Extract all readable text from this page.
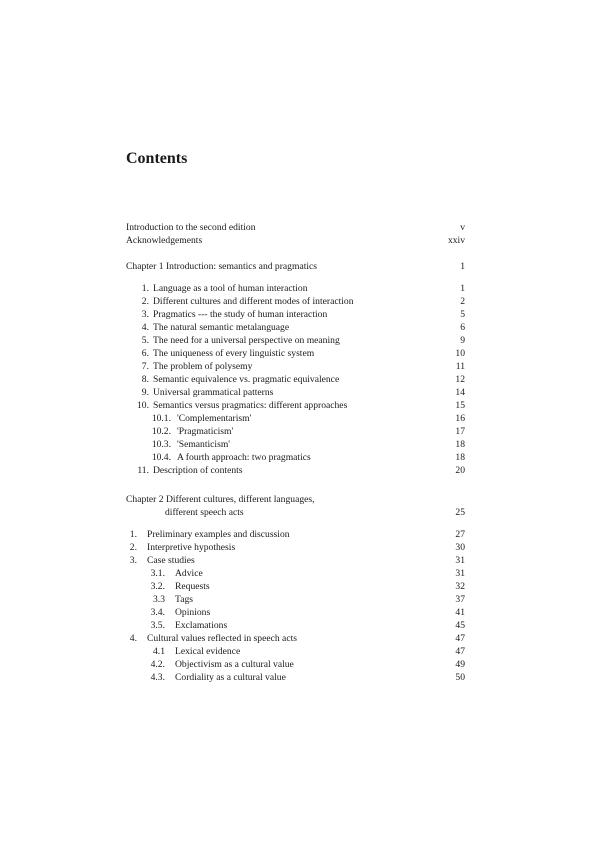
Contents
Introduction to the second edition	v
Acknowledgements	xxiv
Chapter 1 Introduction: semantics and pragmatics	1
1. Language as a tool of human interaction	1
2. Different cultures and different modes of interaction	2
3. Pragmatics --- the study of human interaction	5
4. The natural semantic metalanguage	6
5. The need for a universal perspective on meaning	9
6. The uniqueness of every linguistic system	10
7. The problem of polysemy	11
8. Semantic equivalence vs. pragmatic equivalence	12
9. Universal grammatical patterns	14
10. Semantics versus pragmatics: different approaches	15
10.1. 'Complementarism'	16
10.2. 'Pragmaticism'	17
10.3. 'Semanticism'	18
10.4. A fourth approach: two pragmatics	18
11. Description of contents	20
Chapter 2 Different cultures, different languages,
different speech acts	25
1.	Preliminary examples and discussion	27
2.	Interpretive hypothesis	30
3.	Case studies	31
3.1.	Advice	31
3.2.	Requests	32
3.3	Tags	37
3.4.	Opinions	41
3.5.	Exclamations	45
4.	Cultural values reflected in speech acts	47
4.1	Lexical evidence	47
4.2.	Objectivism as a cultural value	49
4.3.	Cordiality as a cultural value	50
